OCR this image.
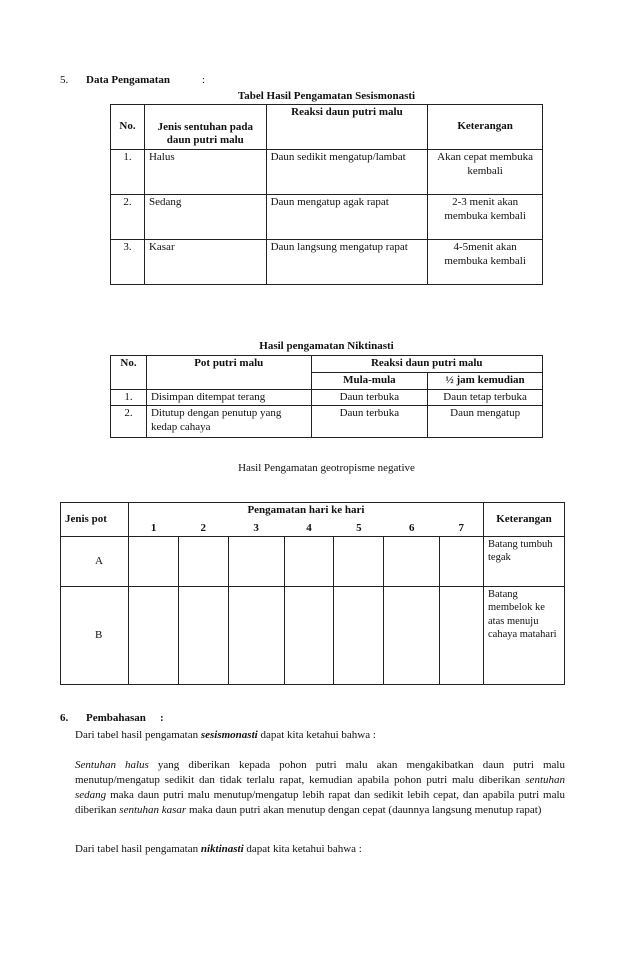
5. Data Pengamatan	:
Tabel Hasil Pengamatan Sesismonasti
No.	Jenis sentuhan pada daun putri malu	Reaksi daun putri malu	Keterangan
1.	Halus	Daun sedikit mengatup/lambat	Akan cepat membuka kembali
2.	Sedang	Daun mengatup agak rapat	2-3 menit akan membuka kembali
3.	Kasar	Daun langsung mengatup rapat	4-5menit akan membuka kembali
Hasil pengamatan Niktinasti
No.	Pot putri malu	Reaksi daun putri malu	
		Mula-mula	½ jam kemudian
1.	Disimpan ditempat terang	Daun terbuka	Daun tetap terbuka
2.	Ditutup dengan penutup yang kedap cahaya	Daun terbuka	Daun mengatup
Hasil Pengamatan geotropisme negative
Jenis pot	Pengamatan hari ke hari							Keterangan
	1	2	3	4	5	6	7	
A								Batang tumbuh tegak
B								Batang membelok ke atas menuju cahaya matahari
6. Pembahasan :
Dari tabel hasil pengamatan sesismonasti dapat kita ketahui bahwa :
Sentuhan halus yang diberikan kepada pohon putri malu akan mengakibatkan daun putri malu menutup/mengatup sedikit dan tidak terlalu rapat, kemudian apabila pohon putri malu diberikan sentuhan sedang maka daun putri malu menutup/mengatup lebih rapat dan sedikit lebih cepat, dan apabila putri malu diberikan sentuhan kasar maka daun putri akan menutup dengan cepat (daunnya langsung menutup rapat)
Dari tabel hasil pengamatan niktinasti dapat kita ketahui bahwa :
